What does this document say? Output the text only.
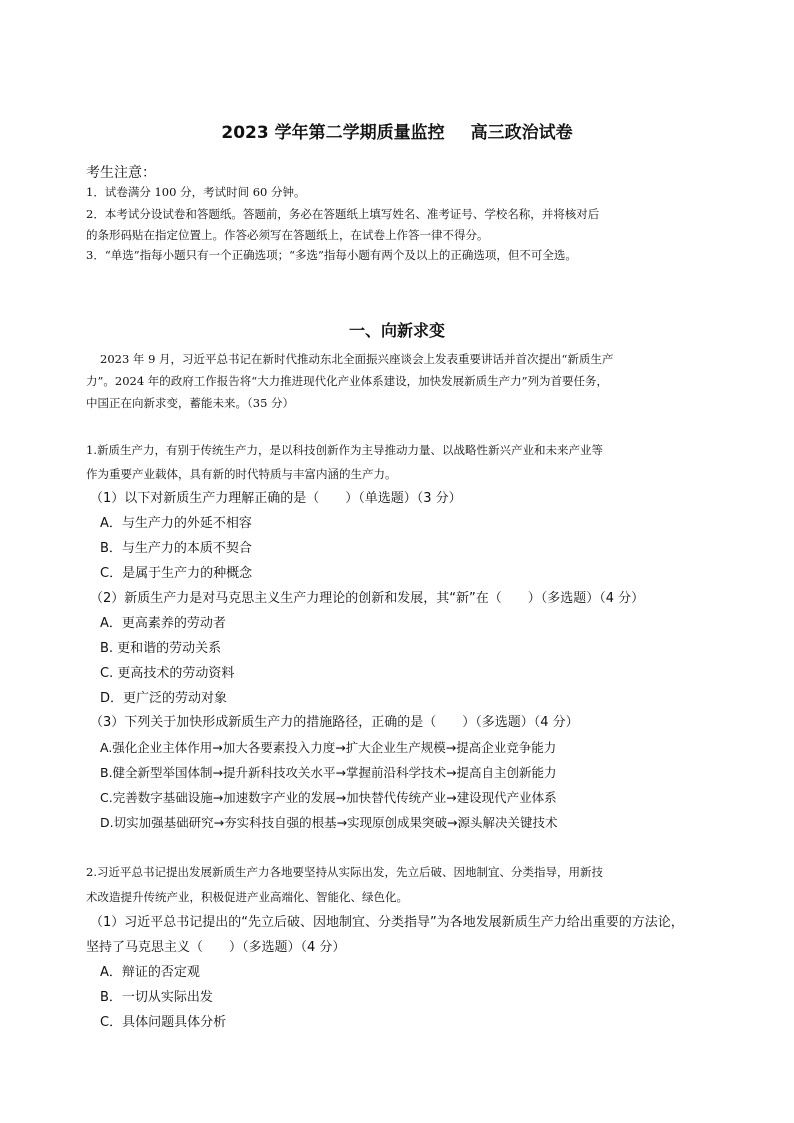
2023 学年第二学期质量监控 高三政治试卷
考生注意：
1．试卷满分 100 分，考试时间 60 分钟。
2．本考试分设试卷和答题纸。答题前，务必在答题纸上填写姓名、准考证号、学校名称，并将核对后
的条形码贴在指定位置上。作答必须写在答题纸上，在试卷上作答一律不得分。
3．“单选”指每小题只有一个正确选项；“多选”指每小题有两个及以上的正确选项，但不可全选。
一、向新求变
2023 年 9 月，习近平总书记在新时代推动东北全面振兴座谈会上发表重要讲话并首次提出“新质生产
力”。2024 年的政府工作报告将“大力推进现代化产业体系建设，加快发展新质生产力”列为首要任务，
中国正在向新求变，蓄能未来。（35 分）
1.新质生产力，有别于传统生产力，是以科技创新作为主导推动力量、以战略性新兴产业和未来产业等
作为重要产业载体，具有新的时代特质与丰富内涵的生产力。
（1）以下对新质生产力理解正确的是（　　）（单选题）（3 分）
A．与生产力的外延不相容
B．与生产力的本质不契合
C．是属于生产力的种概念
（2）新质生产力是对马克思主义生产力理论的创新和发展，其“新”在（　　）（多选题）（4 分）
A．更高素养的劳动者
B. 更和谐的劳动关系
C. 更高技术的劳动资料
D．更广泛的劳动对象
（3）下列关于加快形成新质生产力的措施路径，正确的是（　　）（多选题）（4 分）
A.强化企业主体作用→加大各要素投入力度→扩大企业生产规模→提高企业竞争能力
B.健全新型举国体制→提升新科技攻关水平→掌握前沿科学技术→提高自主创新能力
C.完善数字基础设施→加速数字产业的发展→加快替代传统产业→建设现代产业体系
D.切实加强基础研究→夯实科技自强的根基→实现原创成果突破→源头解决关键技术
2.习近平总书记提出发展新质生产力各地要坚持从实际出发，先立后破、因地制宜、分类指导，用新技
术改造提升传统产业，积极促进产业高端化、智能化、绿色化。
（1）习近平总书记提出的“先立后破、因地制宜、分类指导”为各地发展新质生产力给出重要的方法论，
坚持了马克思主义（　　）（多选题）（4 分）
A．辩证的否定观
B．一切从实际出发
C．具体问题具体分析
